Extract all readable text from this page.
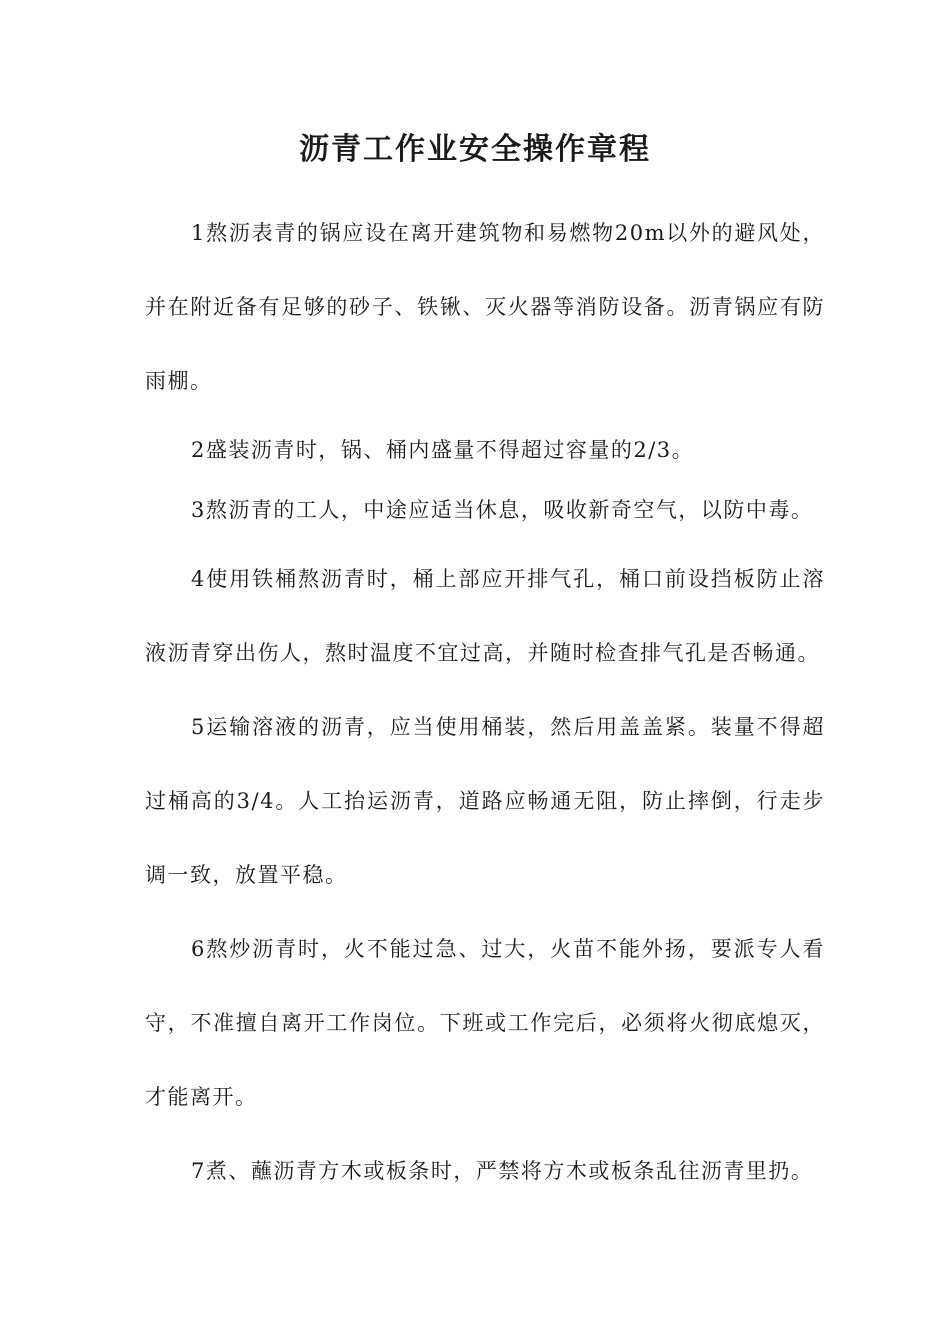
沥青工作业安全操作章程

1熬沥表青的锅应设在离开建筑物和易燃物20m以外的避风处，并在附近备有足够的砂子、铁锹、灭火器等消防设备。沥青锅应有防雨棚。

2盛装沥青时，锅、桶内盛量不得超过容量的2/3。

3熬沥青的工人，中途应适当休息，吸收新奇空气，以防中毒。

4使用铁桶熬沥青时，桶上部应开排气孔，桶口前设挡板防止溶液沥青穿出伤人，熬时温度不宜过高，并随时检查排气孔是否畅通。

5运输溶液的沥青，应当使用桶装，然后用盖盖紧。装量不得超过桶高的3/4。人工抬运沥青，道路应畅通无阻，防止摔倒，行走步调一致，放置平稳。

6熬炒沥青时，火不能过急、过大，火苗不能外扬，要派专人看守，不准擅自离开工作岗位。下班或工作完后，必须将火彻底熄灭，才能离开。

7煮、蘸沥青方木或板条时，严禁将方木或板条乱往沥青里扔。
